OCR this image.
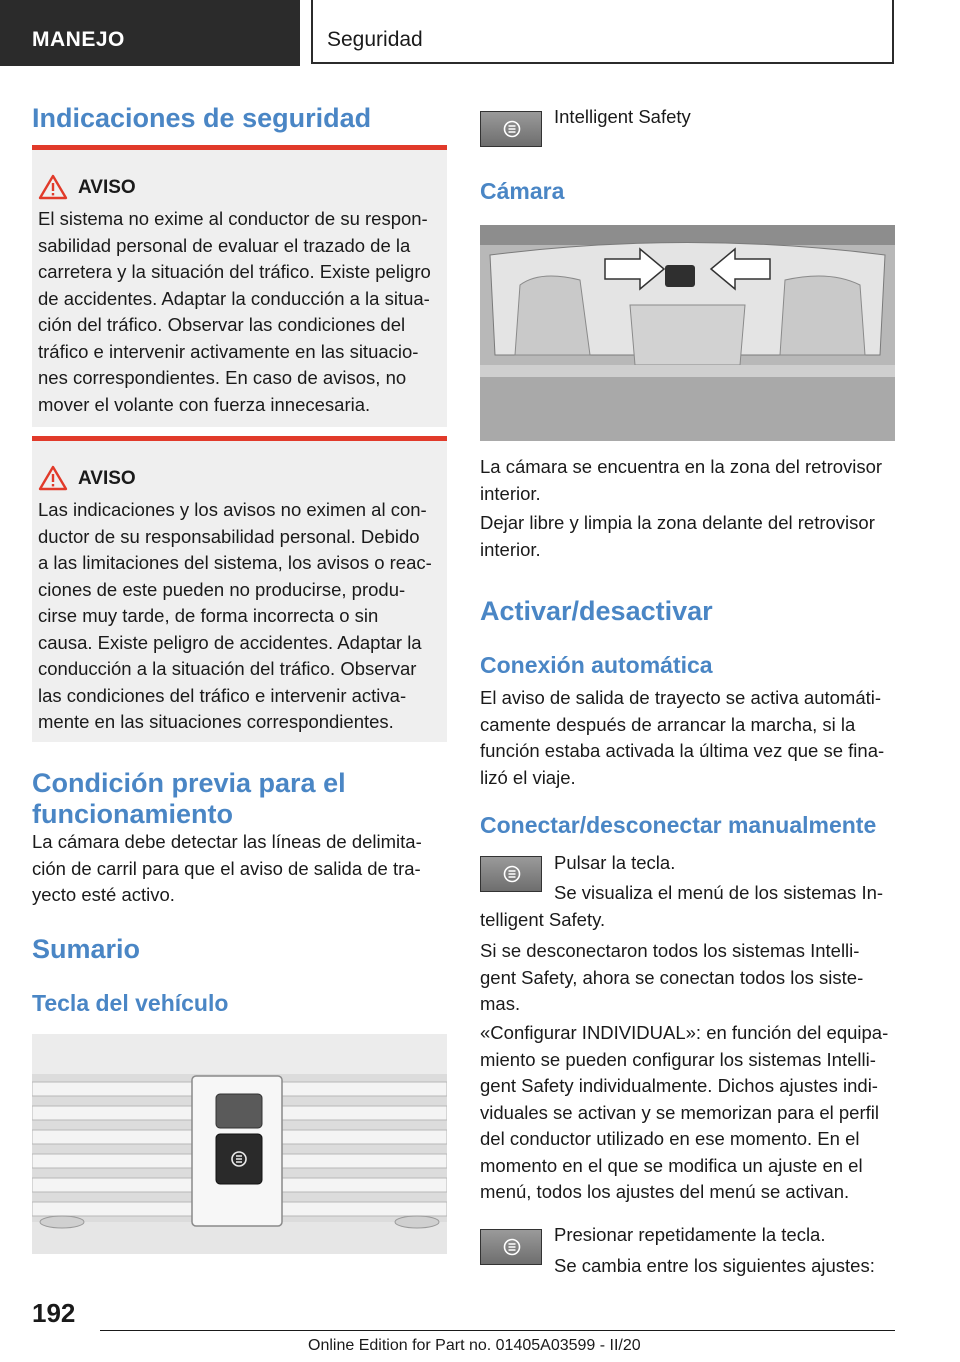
MANEJO	Seguridad
Indicaciones de seguridad
AVISO
El sistema no exime al conductor de su respon-
sabilidad personal de evaluar el trazado de la
carretera y la situación del tráfico. Existe peligro
de accidentes. Adaptar la conducción a la situa-
ción del tráfico. Observar las condiciones del
tráfico e intervenir activamente en las situacio-
nes correspondientes. En caso de avisos, no
mover el volante con fuerza innecesaria.
AVISO
Las indicaciones y los avisos no eximen al con-
ductor de su responsabilidad personal. Debido
a las limitaciones del sistema, los avisos o reac-
ciones de este pueden no producirse, produ-
cirse muy tarde, de forma incorrecta o sin
causa. Existe peligro de accidentes. Adaptar la
conducción a la situación del tráfico. Observar
las condiciones del tráfico e intervenir activa-
mente en las situaciones correspondientes.
Condición previa para el
funcionamiento
La cámara debe detectar las líneas de delimita-
ción de carril para que el aviso de salida de tra-
yecto esté activo.
Sumario
Tecla del vehículo
Intelligent Safety
Cámara
La cámara se encuentra en la zona del retrovisor
interior.
Dejar libre y limpia la zona delante del retrovisor
interior.
Activar/desactivar
Conexión automática
El aviso de salida de trayecto se activa automáti-
camente después de arrancar la marcha, si la
función estaba activada la última vez que se fina-
lizó el viaje.
Conectar/desconectar manualmente
Pulsar la tecla.
Se visualiza el menú de los sistemas In-
telligent Safety.
Si se desconectaron todos los sistemas Intelli-
gent Safety, ahora se conectan todos los siste-
mas.
«Configurar INDIVIDUAL»: en función del equipa-
miento se pueden configurar los sistemas Intelli-
gent Safety individualmente. Dichos ajustes indi-
viduales se activan y se memorizan para el perfil
del conductor utilizado en ese momento. En el
momento en el que se modifica un ajuste en el
menú, todos los ajustes del menú se activan.
Presionar repetidamente la tecla.
Se cambia entre los siguientes ajustes:
192
Online Edition for Part no. 01405A03599 - II/20
